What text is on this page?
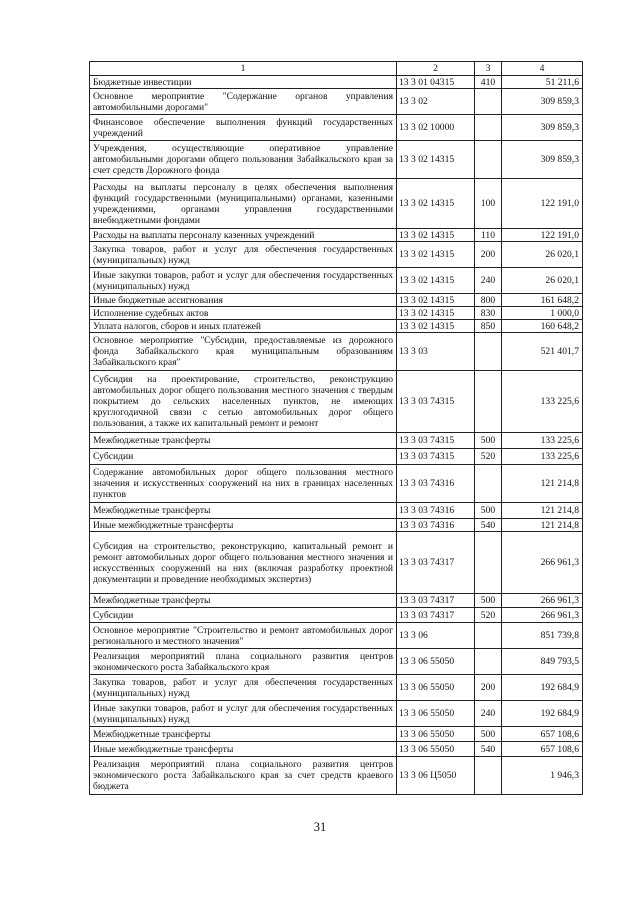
1	2	3	4
Бюджетные инвестиции	13 3 01 04315	410	51 211,6
Основное мероприятие "Содержание органов управления автомобильными дорогами"	13 3 02		309 859,3
Финансовое обеспечение выполнения функций государственных учреждений	13 3 02 10000		309 859,3
Учреждения, осуществляющие оперативное управление автомобильными дорогами общего пользования Забайкальского края за счет средств Дорожного фонда	13 3 02 14315		309 859,3
Расходы на выплаты персоналу в целях обеспечения выполнения функций государственными (муниципальными) органами, казенными учреждениями, органами управления государственными внебюджетными фондами	13 3 02 14315	100	122 191,0
Расходы на выплаты персоналу казенных учреждений	13 3 02 14315	110	122 191,0
Закупка товаров, работ и услуг для обеспечения государственных (муниципальных) нужд	13 3 02 14315	200	26 020,1
Иные закупки товаров, работ и услуг для обеспечения государственных (муниципальных) нужд	13 3 02 14315	240	26 020,1
Иные бюджетные ассигнования	13 3 02 14315	800	161 648,2
Исполнение судебных актов	13 3 02 14315	830	1 000,0
Уплата налогов, сборов и иных платежей	13 3 02 14315	850	160 648,2
Основное мероприятие "Субсидии, предоставляемые из дорожного фонда Забайкальского края муниципальным образованиям Забайкальского края"	13 3 03		521 401,7
Субсидия на проектирование, строительство, реконструкцию автомобильных дорог общего пользования местного значения с твердым покрытием до сельских населенных пунктов, не имеющих круглогодичной связи с сетью автомобильных дорог общего пользования, а также их капитальный ремонт и ремонт	13 3 03 74315		133 225,6
Межбюджетные трансферты	13 3 03 74315	500	133 225,6
Субсидии	13 3 03 74315	520	133 225,6
Содержание автомобильных дорог общего пользования местного значения и искусственных сооружений на них в границах населенных пунктов	13 3 03 74316		121 214,8
Межбюджетные трансферты	13 3 03 74316	500	121 214,8
Иные межбюджетные трансферты	13 3 03 74316	540	121 214,8
Субсидия на строительство, реконструкцию, капитальный ремонт и ремонт автомобильных дорог общего пользования местного значения и искусственных сооружений на них (включая разработку проектной документации и проведение необходимых экспертиз)	13 3 03 74317		266 961,3
Межбюджетные трансферты	13 3 03 74317	500	266 961,3
Субсидии	13 3 03 74317	520	266 961,3
Основное мероприятие "Строительство и ремонт автомобильных дорог регионального и местного значения"	13 3 06		851 739,8
Реализация мероприятий плана социального развития центров экономического роста Забайкальского края	13 3 06 55050		849 793,5
Закупка товаров, работ и услуг для обеспечения государственных (муниципальных) нужд	13 3 06 55050	200	192 684,9
Иные закупки товаров, работ и услуг для обеспечения государственных (муниципальных) нужд	13 3 06 55050	240	192 684,9
Межбюджетные трансферты	13 3 06 55050	500	657 108,6
Иные межбюджетные трансферты	13 3 06 55050	540	657 108,6
Реализация мероприятий плана социального развития центров экономического роста Забайкальского края за счет средств краевого бюджета	13 3 06 Ц5050		1 946,3
31
